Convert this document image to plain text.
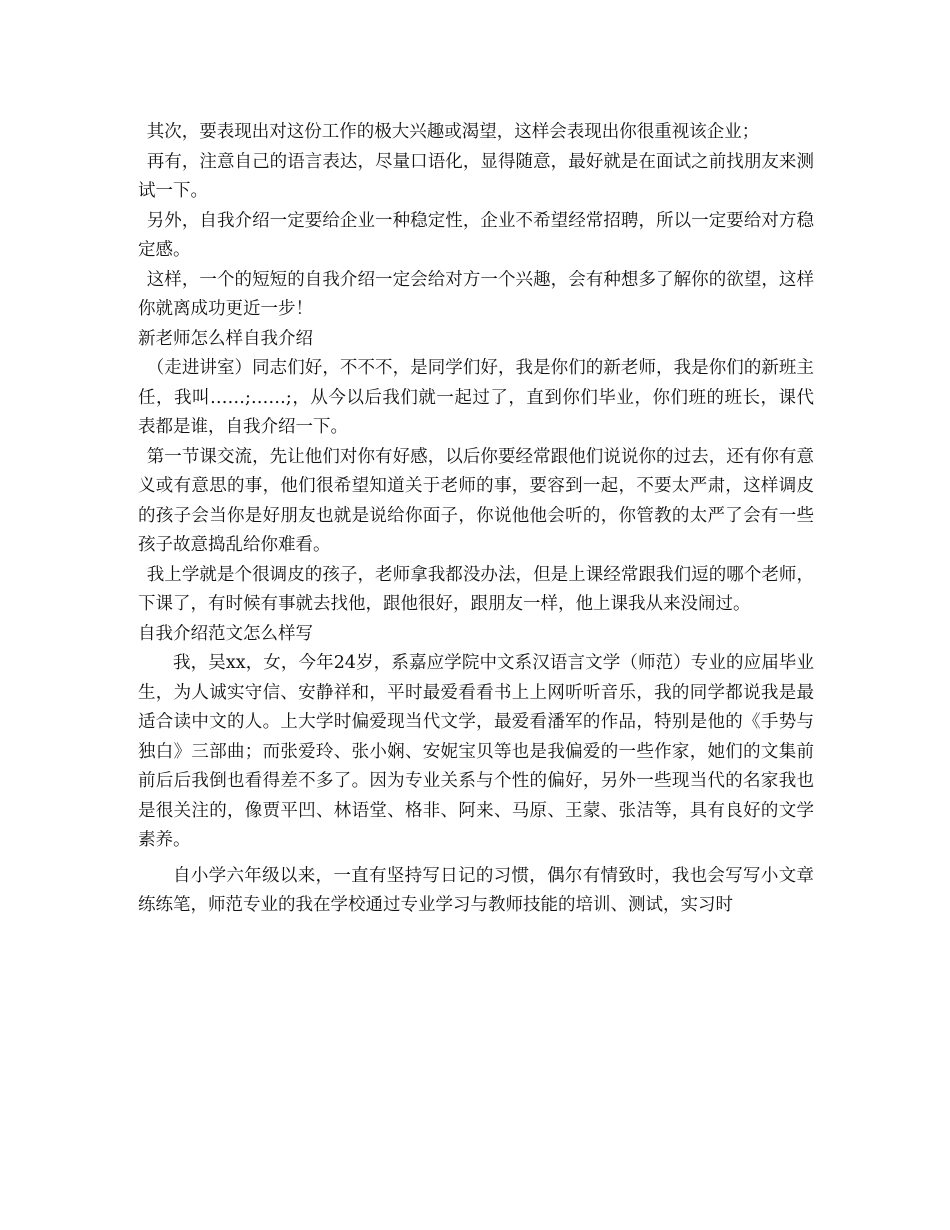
其次，要表现出对这份工作的极大兴趣或渴望，这样会表现出你很重视该企业；

再有，注意自己的语言表达，尽量口语化，显得随意，最好就是在面试之前找朋友来测试一下。

另外，自我介绍一定要给企业一种稳定性，企业不希望经常招聘，所以一定要给对方稳定感。

这样，一个的短短的自我介绍一定会给对方一个兴趣，会有种想多了解你的欲望，这样你就离成功更近一步！

新老师怎么样自我介绍

（走进讲室）同志们好，不不不，是同学们好，我是你们的新老师，我是你们的新班主任，我叫……;……;，从今以后我们就一起过了，直到你们毕业，你们班的班长，课代表都是谁，自我介绍一下。

第一节课交流，先让他们对你有好感，以后你要经常跟他们说说你的过去，还有你有意义或有意思的事，他们很希望知道关于老师的事，要容到一起，不要太严肃，这样调皮的孩子会当你是好朋友也就是说给你面子，你说他他会听的，你管教的太严了会有一些孩子故意捣乱给你难看。

我上学就是个很调皮的孩子，老师拿我都没办法，但是上课经常跟我们逗的哪个老师，下课了，有时候有事就去找他，跟他很好，跟朋友一样，他上课我从来没闹过。

自我介绍范文怎么样写

我，吴xx，女，今年24岁，系嘉应学院中文系汉语言文学（师范）专业的应届毕业生，为人诚实守信、安静祥和，平时最爱看看书上上网听听音乐，我的同学都说我是最适合读中文的人。上大学时偏爱现当代文学，最爱看潘军的作品，特别是他的《手势与独白》三部曲；而张爱玲、张小娴、安妮宝贝等也是我偏爱的一些作家，她们的文集前前后后我倒也看得差不多了。因为专业关系与个性的偏好，另外一些现当代的名家我也是很关注的，像贾平凹、林语堂、格非、阿来、马原、王蒙、张洁等，具有良好的文学素养。

自小学六年级以来，一直有坚持写日记的习惯，偶尔有情致时，我也会写写小文章练练笔，师范专业的我在学校通过专业学习与教师技能的培训、测试，实习时
